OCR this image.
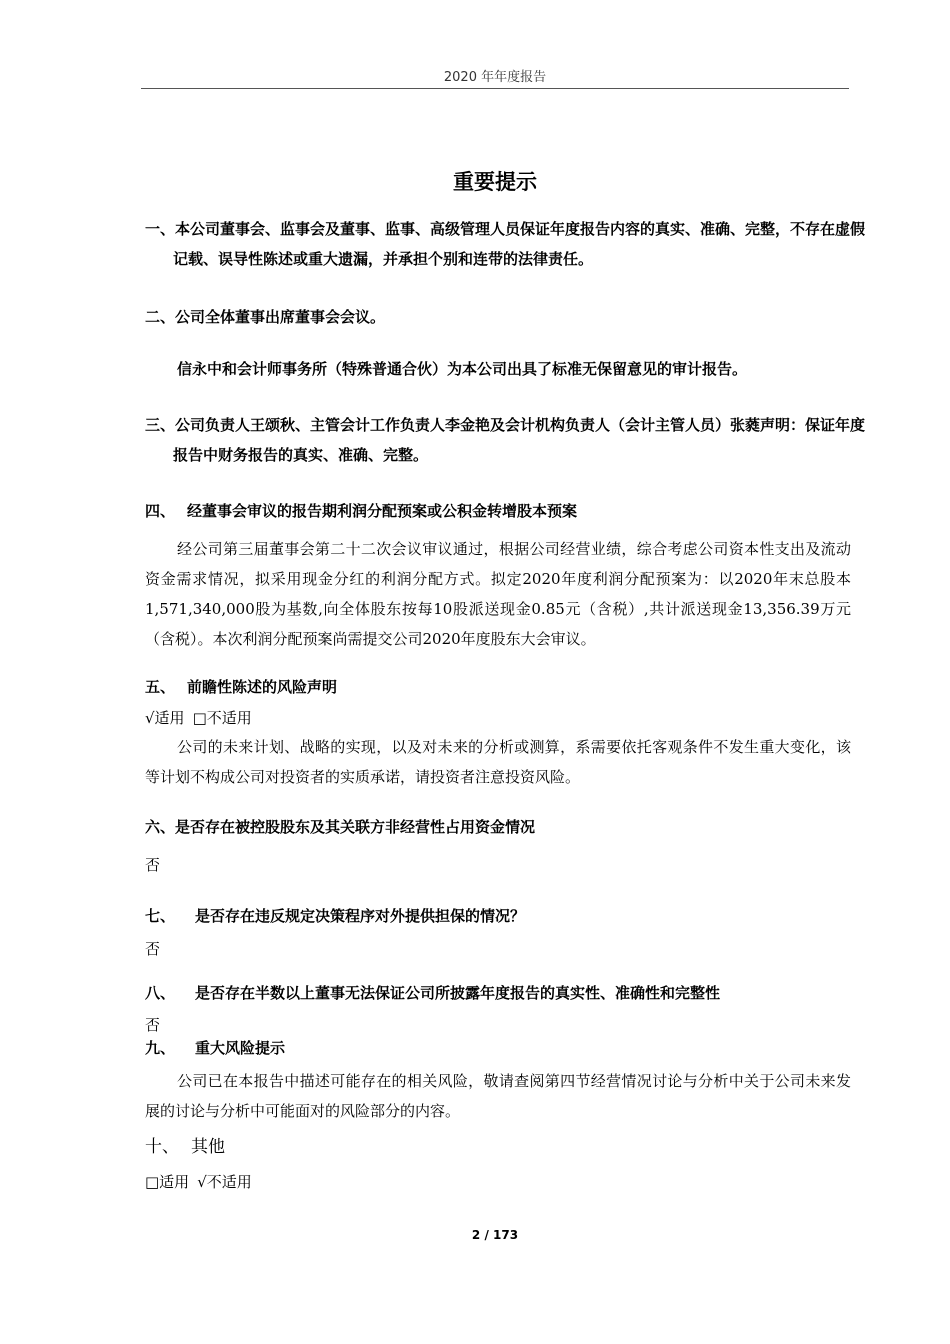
2020 年年度报告
重要提示
一、本公司董事会、监事会及董事、监事、高级管理人员保证年度报告内容的真实、准确、完整，不存在虚假记载、误导性陈述或重大遗漏，并承担个别和连带的法律责任。
二、公司全体董事出席董事会会议。
信永中和会计师事务所（特殊普通合伙）为本公司出具了标准无保留意见的审计报告。
三、公司负责人王颂秋、主管会计工作负责人李金艳及会计机构负责人（会计主管人员）张蕤声明：保证年度报告中财务报告的真实、准确、完整。
四、 经董事会审议的报告期利润分配预案或公积金转增股本预案
经公司第三届董事会第二十二次会议审议通过，根据公司经营业绩，综合考虑公司资本性支出及流动资金需求情况，拟采用现金分红的利润分配方式。拟定2020年度利润分配预案为：以2020年末总股本1,571,340,000股为基数,向全体股东按每10股派送现金0.85元（含税）,共计派送现金13,356.39万元（含税）。本次利润分配预案尚需提交公司2020年度股东大会审议。
五、 前瞻性陈述的风险声明
√适用 □不适用
公司的未来计划、战略的实现，以及对未来的分析或测算，系需要依托客观条件不发生重大变化，该等计划不构成公司对投资者的实质承诺，请投资者注意投资风险。
六、是否存在被控股股东及其关联方非经营性占用资金情况
否
七、 是否存在违反规定决策程序对外提供担保的情况？
否
八、 是否存在半数以上董事无法保证公司所披露年度报告的真实性、准确性和完整性
否
九、 重大风险提示
公司已在本报告中描述可能存在的相关风险，敬请查阅第四节经营情况讨论与分析中关于公司未来发展的讨论与分析中可能面对的风险部分的内容。
十、 其他
□适用 √不适用
2 / 173
